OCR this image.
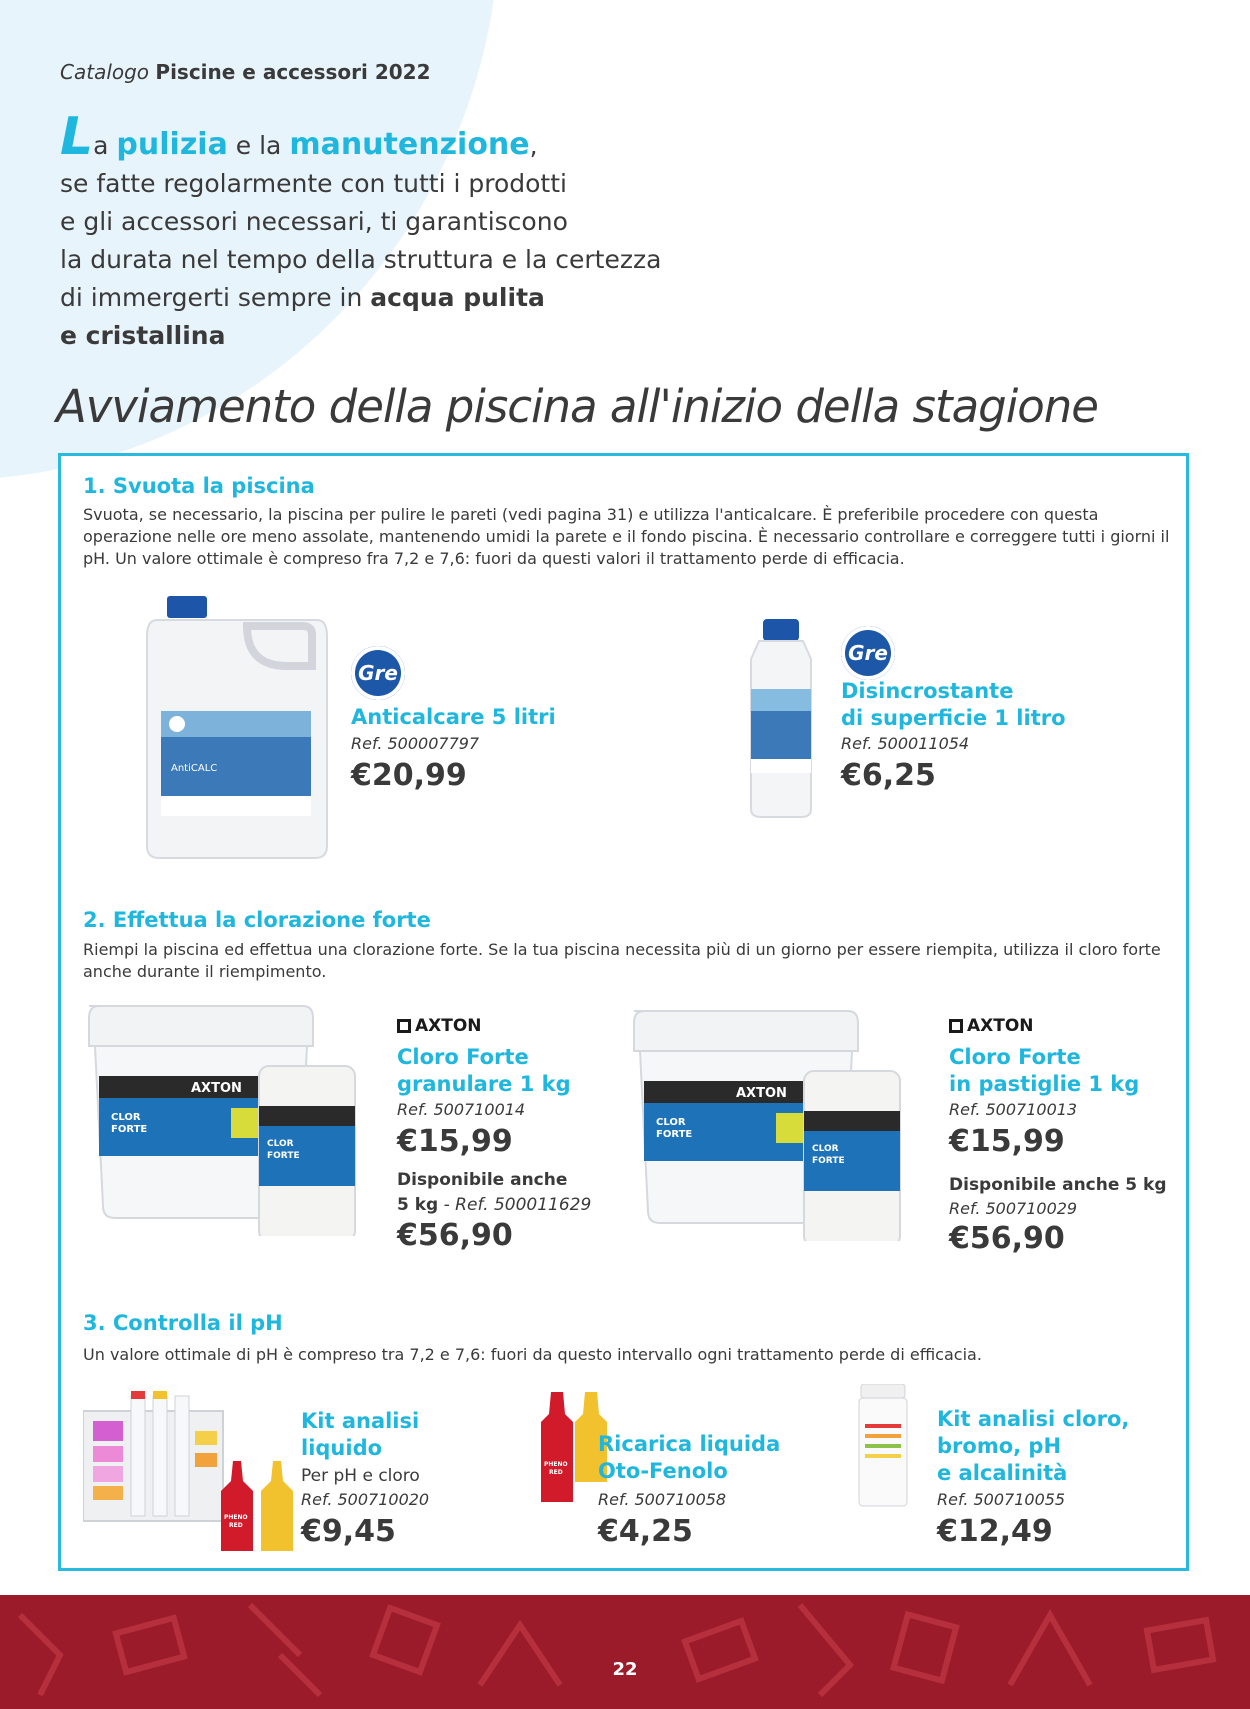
Catalogo Piscine e accessori 2022
La pulizia e la manutenzione,
se fatte regolarmente con tutti i prodotti
e gli accessori necessari, ti garantiscono
la durata nel tempo della struttura e la certezza
di immergerti sempre in acqua pulita
e cristallina
Avviamento della piscina all'inizio della stagione
1. Svuota la piscina
Svuota, se necessario, la piscina per pulire le pareti (vedi pagina 31) e utilizza l'anticalcare. È preferibile procedere con questa operazione nelle ore meno assolate, mantenendo umidi la parete e il fondo piscina. È necessario controllare e correggere tutti i giorni il pH. Un valore ottimale è compreso fra 7,2 e 7,6: fuori da questi valori il trattamento perde di efficacia.
AntiCALC
Gre
Anticalcare 5 litri
Ref. 500007797
€20,99
Gre
Disincrostante
di superficie 1 litro
Ref. 500011054
€6,25
2. Effettua la clorazione forte
Riempi la piscina ed effettua una clorazione forte. Se la tua piscina necessita più di un giorno per essere riempita, utilizza il cloro forte anche durante il riempimento.
AXTON
CLOR
FORTE
CLOR
FORTE
AXTON
Cloro Forte
granulare 1 kg
Ref. 500710014
€15,99
Disponibile anche
5 kg - Ref. 500011629
€56,90
AXTON
CLOR
FORTE
CLOR
FORTE
AXTON
Cloro Forte
in pastiglie 1 kg
Ref. 500710013
€15,99
Disponibile anche 5 kg
Ref. 500710029
€56,90
3. Controlla il pH
Un valore ottimale di pH è compreso tra 7,2 e 7,6: fuori da questo intervallo ogni trattamento perde di efficacia.
PHENO
RED
Kit analisi
liquido
Per pH e cloro
Ref. 500710020
€9,45
PHENO
RED
Ricarica liquida
Oto-Fenolo
Ref. 500710058
€4,25
Kit analisi cloro,
bromo, pH
e alcalinità
Ref. 500710055
€12,49
22
